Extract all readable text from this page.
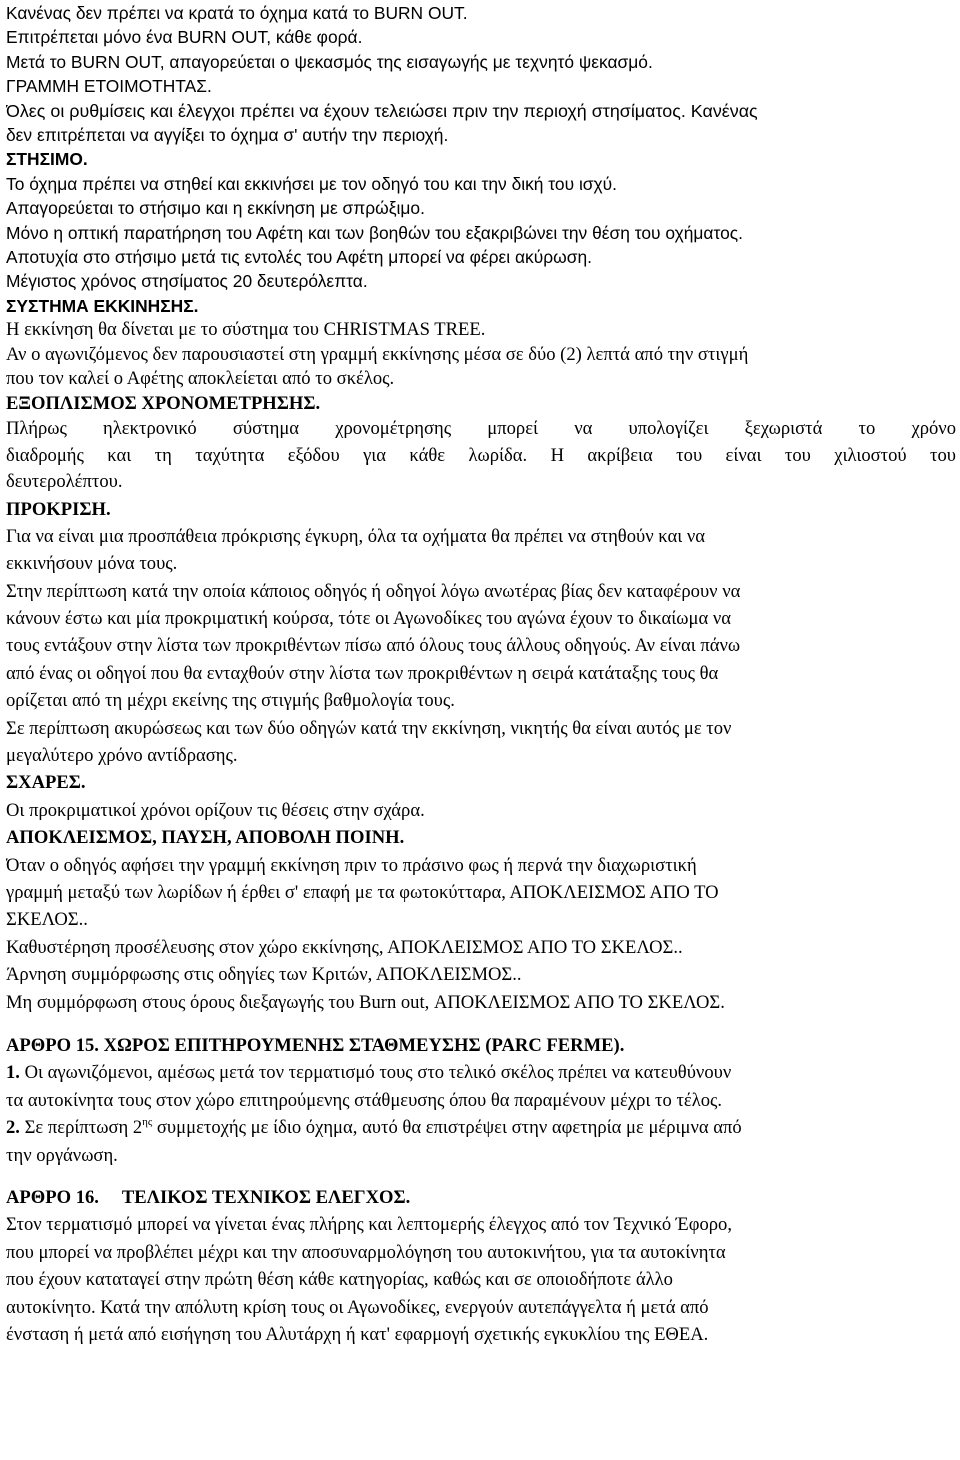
Κανένας δεν πρέπει να κρατά το όχημα κατά το BURN OUT.
Επιτρέπεται μόνο ένα BURN OUT, κάθε φορά.
Μετά το BURN OUT, απαγορεύεται ο ψεκασμός της εισαγωγής με τεχνητό ψεκασμό.
ΓΡΑΜΜΗ ΕΤΟΙΜΟΤΗΤΑΣ.
Όλες οι ρυθμίσεις και έλεγχοι πρέπει να έχουν τελειώσει πριν την περιοχή στησίματος. Κανένας
δεν επιτρέπεται να αγγίξει το όχημα σ' αυτήν την περιοχή.
ΣΤΗΣΙΜΟ.
Το όχημα πρέπει να στηθεί και εκκινήσει με τον οδηγό του και την δική του ισχύ.
Απαγορεύεται το στήσιμο και η εκκίνηση με σπρώξιμο.
Μόνο η οπτική παρατήρηση του Αφέτη και των βοηθών του εξακριβώνει την θέση του οχήματος.
Αποτυχία στο στήσιμο μετά τις εντολές του Αφέτη μπορεί να φέρει ακύρωση.
Μέγιστος χρόνος στησίματος 20 δευτερόλεπτα.
ΣΥΣΤΗΜΑ ΕΚΚΙΝΗΣΗΣ.
Η εκκίνηση θα δίνεται με το σύστημα του CHRISTMAS TREE.
Αν ο αγωνιζόμενος δεν παρουσιαστεί στη γραμμή εκκίνησης μέσα σε δύο (2) λεπτά από την στιγμή
που τον καλεί ο Αφέτης αποκλείεται από το σκέλος.
ΕΞΟΠΛΙΣΜΟΣ ΧΡΟΝΟΜΕΤΡΗΣΗΣ.
Πλήρως ηλεκτρονικό σύστημα χρονομέτρησης μπορεί να υπολογίζει ξεχωριστά το χρόνο
διαδρομής και τη ταχύτητα εξόδου για κάθε λωρίδα. Η ακρίβεια του είναι του χιλιοστού του
δευτερολέπτου.
ΠΡΟΚΡΙΣΗ.
Για να είναι μια προσπάθεια πρόκρισης έγκυρη, όλα τα οχήματα θα πρέπει να στηθούν και να
εκκινήσουν μόνα τους.
Στην περίπτωση κατά την οποία κάποιος οδηγός ή οδηγοί λόγω ανωτέρας βίας δεν καταφέρουν να
κάνουν έστω και μία προκριματική κούρσα, τότε οι Αγωνοδίκες του αγώνα έχουν το δικαίωμα να
τους εντάξουν στην λίστα των προκριθέντων πίσω από όλους τους άλλους οδηγούς. Αν είναι πάνω
από ένας οι οδηγοί που θα ενταχθούν στην λίστα των προκριθέντων η σειρά κατάταξης τους θα
ορίζεται από τη μέχρι εκείνης της στιγμής βαθμολογία τους.
Σε περίπτωση ακυρώσεως και των δύο οδηγών κατά την εκκίνηση, νικητής θα είναι αυτός με τον
μεγαλύτερο χρόνο αντίδρασης.
ΣΧΑΡΕΣ.
Οι προκριματικοί χρόνοι ορίζουν τις θέσεις στην σχάρα.
ΑΠΟΚΛΕΙΣΜΟΣ, ΠΑΥΣΗ, ΑΠΟΒΟΛΗ ΠΟΙΝΗ.
Όταν ο οδηγός αφήσει την γραμμή εκκίνηση πριν το πράσινο φως ή περνά την διαχωριστική
γραμμή μεταξύ των λωρίδων ή έρθει σ' επαφή με τα φωτοκύτταρα, ΑΠΟΚΛΕΙΣΜΟΣ ΑΠΟ ΤΟ
ΣΚΕΛΟΣ..
Καθυστέρηση προσέλευσης στον χώρο εκκίνησης, ΑΠΟΚΛΕΙΣΜΟΣ ΑΠΟ ΤΟ ΣΚΕΛΟΣ..
Άρνηση συμμόρφωσης στις οδηγίες των Κριτών, ΑΠΟΚΛΕΙΣΜΟΣ..
Μη συμμόρφωση στους όρους διεξαγωγής του Burn out, ΑΠΟΚΛΕΙΣΜΟΣ ΑΠΟ ΤΟ ΣΚΕΛΟΣ.
ΑΡΘΡΟ 15. ΧΩΡΟΣ ΕΠΙΤΗΡΟΥΜΕΝΗΣ ΣΤΑΘΜΕΥΣΗΣ (PARC FERME).
1. Οι αγωνιζόμενοι, αμέσως μετά τον τερματισμό τους στο τελικό σκέλος πρέπει να κατευθύνουν
τα αυτοκίνητα τους στον χώρο επιτηρούμενης στάθμευσης όπου θα παραμένουν μέχρι το τέλος.
2. Σε περίπτωση $2^{\eta\varsigma}$ συμμετοχής με ίδιο όχημα, αυτό θα επιστρέψει στην αφετηρία με μέριμνα από
την οργάνωση.
ΑΡΘΡΟ 16.     ΤΕΛΙΚΟΣ ΤΕΧΝΙΚΟΣ ΕΛΕΓΧΟΣ.
Στον τερματισμό μπορεί να γίνεται ένας πλήρης και λεπτομερής έλεγχος από τον Τεχνικό Έφορο,
που μπορεί να προβλέπει μέχρι και την αποσυναρμολόγηση του αυτοκινήτου, για τα αυτοκίνητα
που έχουν καταταγεί στην πρώτη θέση κάθε κατηγορίας, καθώς και σε οποιοδήποτε άλλο
αυτοκίνητο. Κατά την απόλυτη κρίση τους οι Αγωνοδίκες, ενεργούν αυτεπάγγελτα ή μετά από
ένσταση ή μετά από εισήγηση του Αλυτάρχη ή κατ' εφαρμογή σχετικής εγκυκλίου της ΕΘΕΑ.
